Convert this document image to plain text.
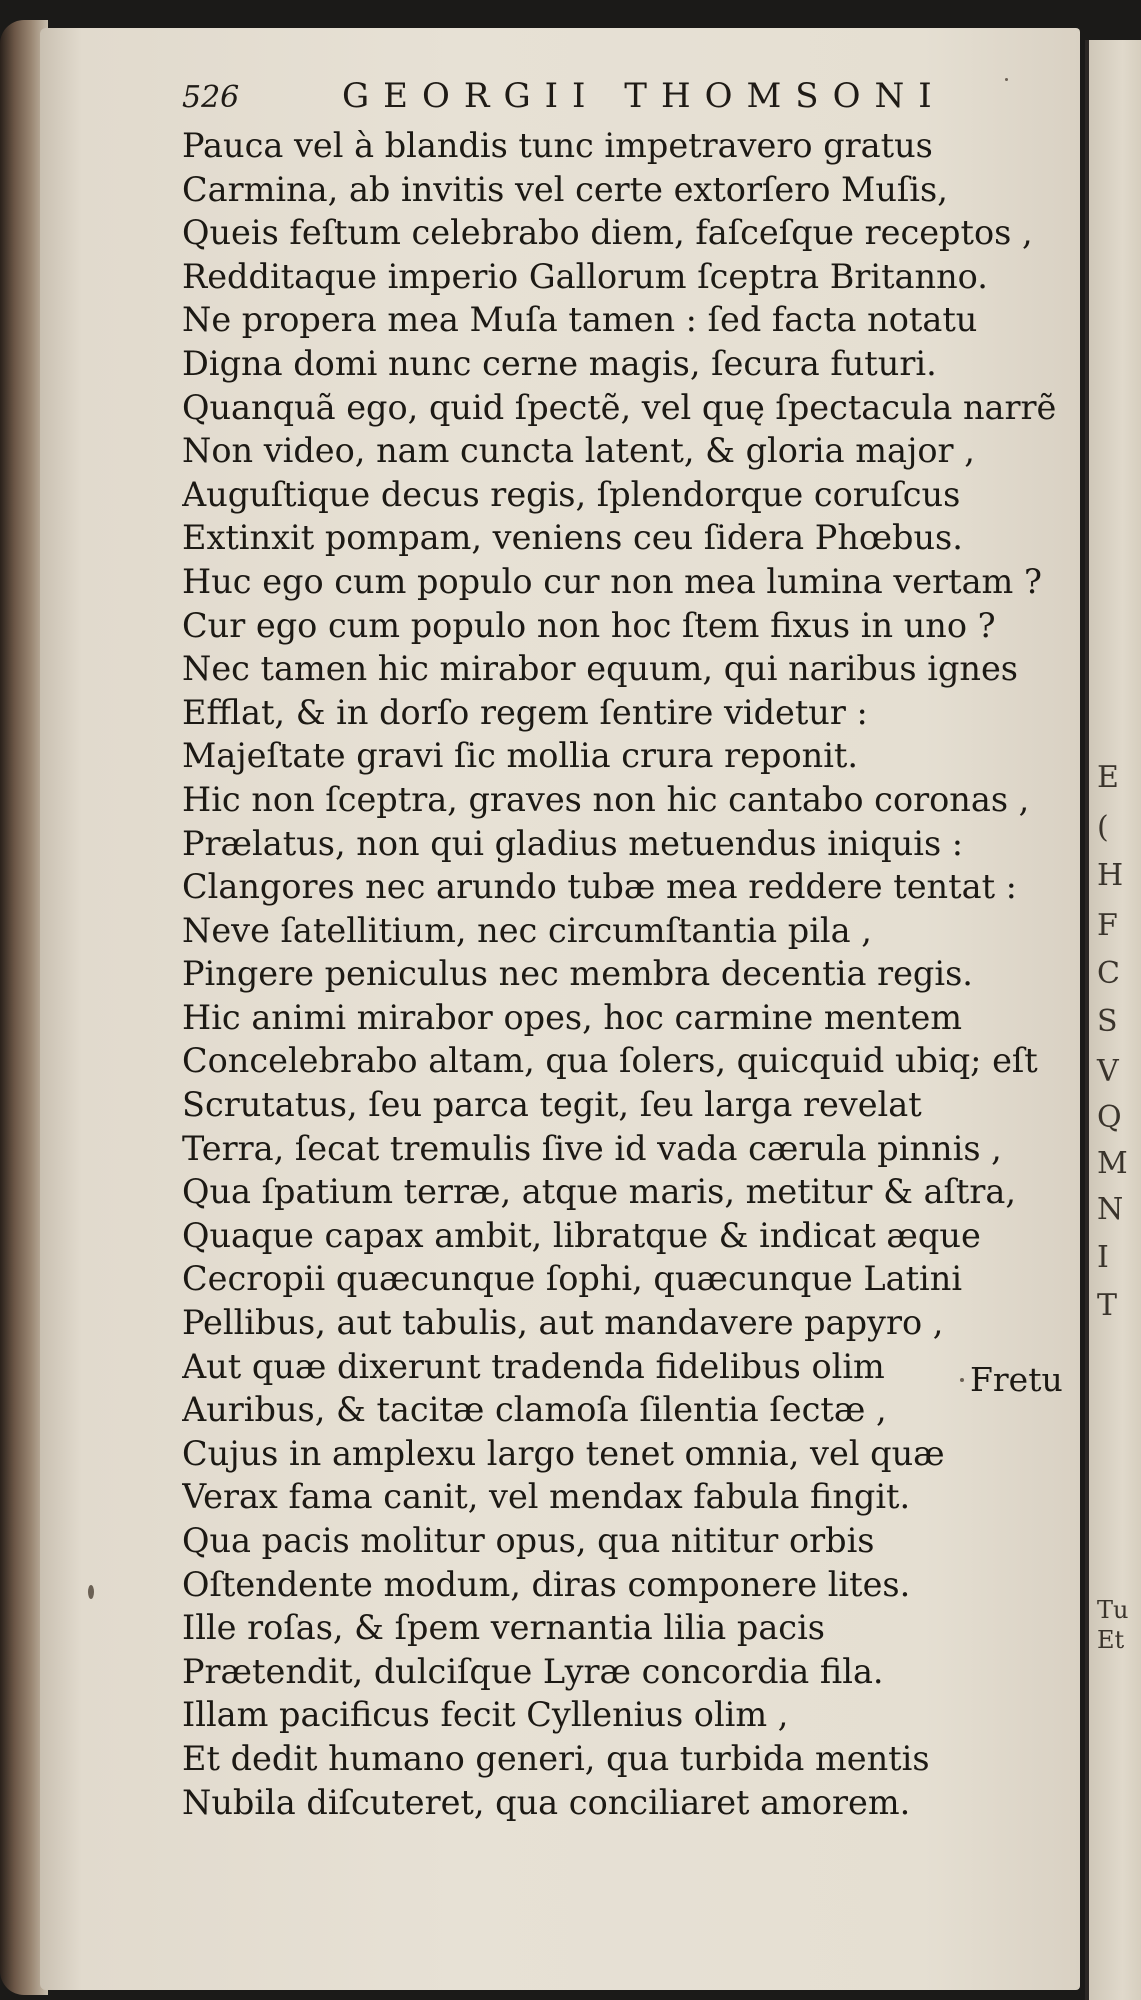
526	GEORGII THOMSONI
Pauca vel à blandis tunc impetravero gratus
Carmina, ab invitis vel certe extorſero Muſis,
Queis feſtum celebrabo diem, faſceſque receptos ,
Redditaque imperio Gallorum ſceptra Britanno.
Ne propera mea Muſa tamen : ſed facta notatu
Digna domi nunc cerne magis, ſecura futuri.
Quanquã ego, quid ſpectẽ, vel quę ſpectacula narrẽ
Non video, nam cuncta latent, & gloria major ,
Auguſtique decus regis, ſplendorque coruſcus
Extinxit pompam, veniens ceu ſidera Phœbus.
Huc ego cum populo cur non mea lumina vertam ?
Cur ego cum populo non hoc ſtem fixus in uno ?
Nec tamen hic mirabor equum, qui naribus ignes
Efflat, & in dorſo regem ſentire videtur :
Majeſtate gravi ſic mollia crura reponit.
Hic non ſceptra, graves non hic cantabo coronas ,
Prælatus, non qui gladius metuendus iniquis :
Clangores nec arundo tubæ mea reddere tentat :
Neve ſatellitium, nec circumſtantia pila ,
Pingere peniculus nec membra decentia regis.
Hic animi mirabor opes, hoc carmine mentem
Concelebrabo altam, qua ſolers, quicquid ubiq; eſt
Scrutatus, ſeu parca tegit, ſeu larga revelat
Terra, ſecat tremulis ſive id vada cærula pinnis ,
Qua ſpatium terræ, atque maris, metitur & aſtra,
Quaque capax ambit, libratque & indicat æque
Cecropii quæcunque ſophi, quæcunque Latini
Pellibus, aut tabulis, aut mandavere papyro ,
Aut quæ dixerunt tradenda fidelibus olim
Auribus, & tacitæ clamoſa ſilentia ſectæ ,
Cujus in amplexu largo tenet omnia, vel quæ
Verax fama canit, vel mendax fabula fingit.
Qua pacis molitur opus, qua nititur orbis
Oſtendente modum, diras componere lites.
Ille roſas, & ſpem vernantia lilia pacis
Prætendit, dulciſque Lyræ concordia fila.
Illam pacificus fecit Cyllenius olim ,
Et dedit humano generi, qua turbida mentis
Nubila diſcuteret, qua conciliaret amorem.
Fretu
E
(
H
F
C
S
V
Q
M
N
I
T
Tu
Et
